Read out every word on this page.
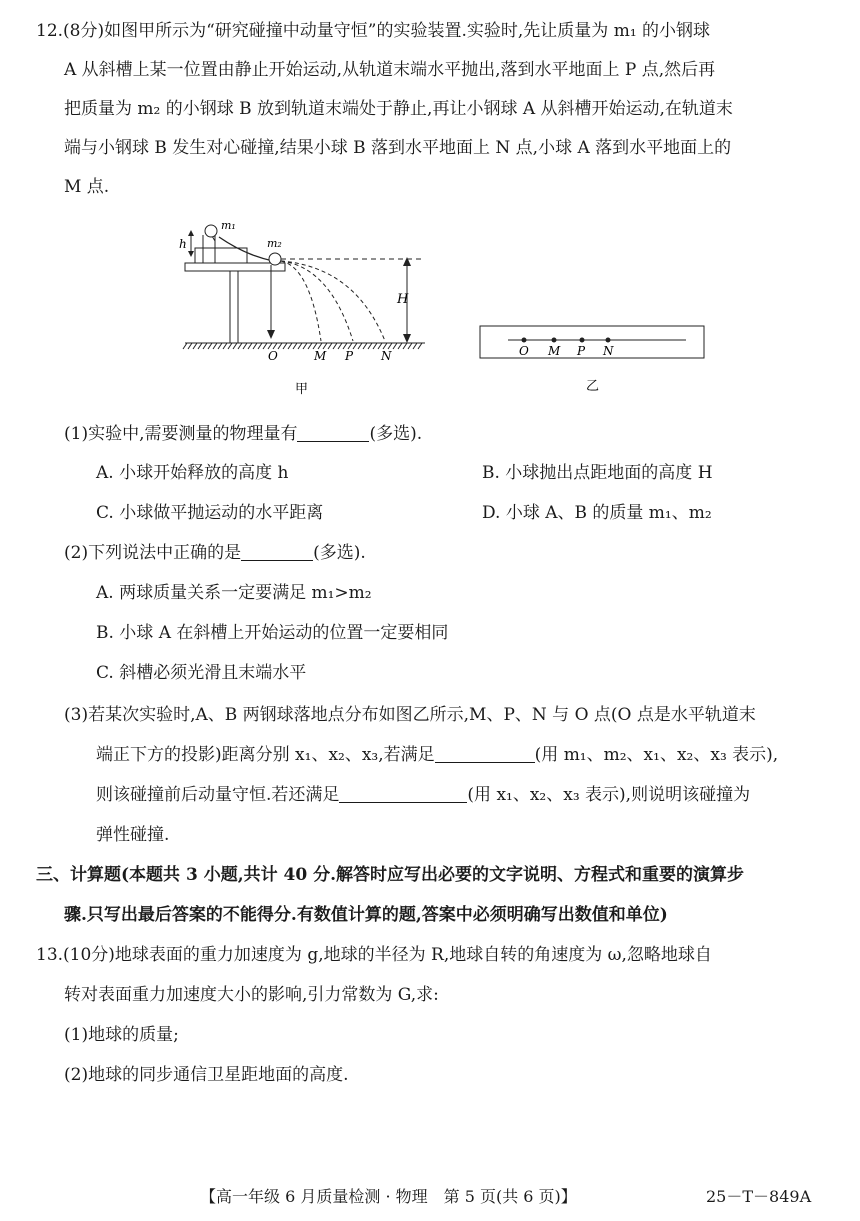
12.(8分)如图甲所示为“研究碰撞中动量守恒”的实验装置.实验时,先让质量为 m₁ 的小钢球
A 从斜槽上某一位置由静止开始运动,从轨道末端水平抛出,落到水平地面上 P 点,然后再
把质量为 m₂ 的小钢球 B 放到轨道末端处于静止,再让小钢球 A 从斜槽开始运动,在轨道末
端与小钢球 B 发生对心碰撞,结果小球 B 落到水平地面上 N 点,小球 A 落到水平地面上的
M 点.
h
m₁
m₂
H
O	M P N
甲
O M P N
乙
(1)实验中,需要测量的物理量有	(多选).
A. 小球开始释放的高度 h	B. 小球抛出点距地面的高度 H
C. 小球做平抛运动的水平距离	D. 小球 A、B 的质量 m₁、m₂
(2)下列说法中正确的是	(多选).
A. 两球质量关系一定要满足 m₁>m₂
B. 小球 A 在斜槽上开始运动的位置一定要相同
C. 斜槽必须光滑且末端水平
(3)若某次实验时,A、B 两钢球落地点分布如图乙所示,M、P、N 与 O 点(O 点是水平轨道末
端正下方的投影)距离分别 x₁、x₂、x₃,若满足	(用 m₁、m₂、x₁、x₂、x₃ 表示),
则该碰撞前后动量守恒.若还满足	(用 x₁、x₂、x₃ 表示),则说明该碰撞为
弹性碰撞.
三、计算题(本题共 3 小题,共计 40 分.解答时应写出必要的文字说明、方程式和重要的演算步
骤.只写出最后答案的不能得分.有数值计算的题,答案中必须明确写出数值和单位)
13.(10分)地球表面的重力加速度为 g,地球的半径为 R,地球自转的角速度为 ω,忽略地球自
转对表面重力加速度大小的影响,引力常数为 G,求:
(1)地球的质量;
(2)地球的同步通信卫星距地面的高度.
【高一年级 6 月质量检测 · 物理　第 5 页(共 6 页)】	25－T－849A
